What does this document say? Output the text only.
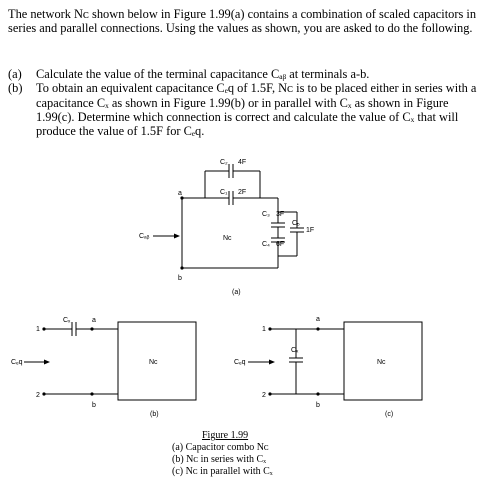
The network Nᴄ shown below in Figure 1.99(a) contains a combination of scaled capacitors in series and parallel connections. Using the values as shown, you are asked to do the following.

(a)	Calculate the value of the terminal capacitance Cₐᵦ at terminals a-b.
(b)	To obtain an equivalent capacitance Cₑq of 1.5F, Nᴄ is to be placed either in series with a capacitance Cₓ as shown in Figure 1.99(b) or in parallel with Cₓ as shown in Figure 1.99(c). Determine which connection is correct and calculate the value of Cₓ that will produce the value of 1.5F for Cₑq.
a
b
C₂ 4F
C₁ 2F
C₃ 3F
C₄ 6F
C₅
1F
Nᴄ
Cₐᵦ
(a)
1
2
a
b
Cₓ
Nᴄ
Cₑq
(b)
1
2
a
b
Cₓ
Nᴄ
Cₑq
(c)
Figure 1.99
(a) Capacitor combo Nᴄ
(b) Nᴄ in series with Cₓ
(c) Nᴄ in parallel with Cₓ
